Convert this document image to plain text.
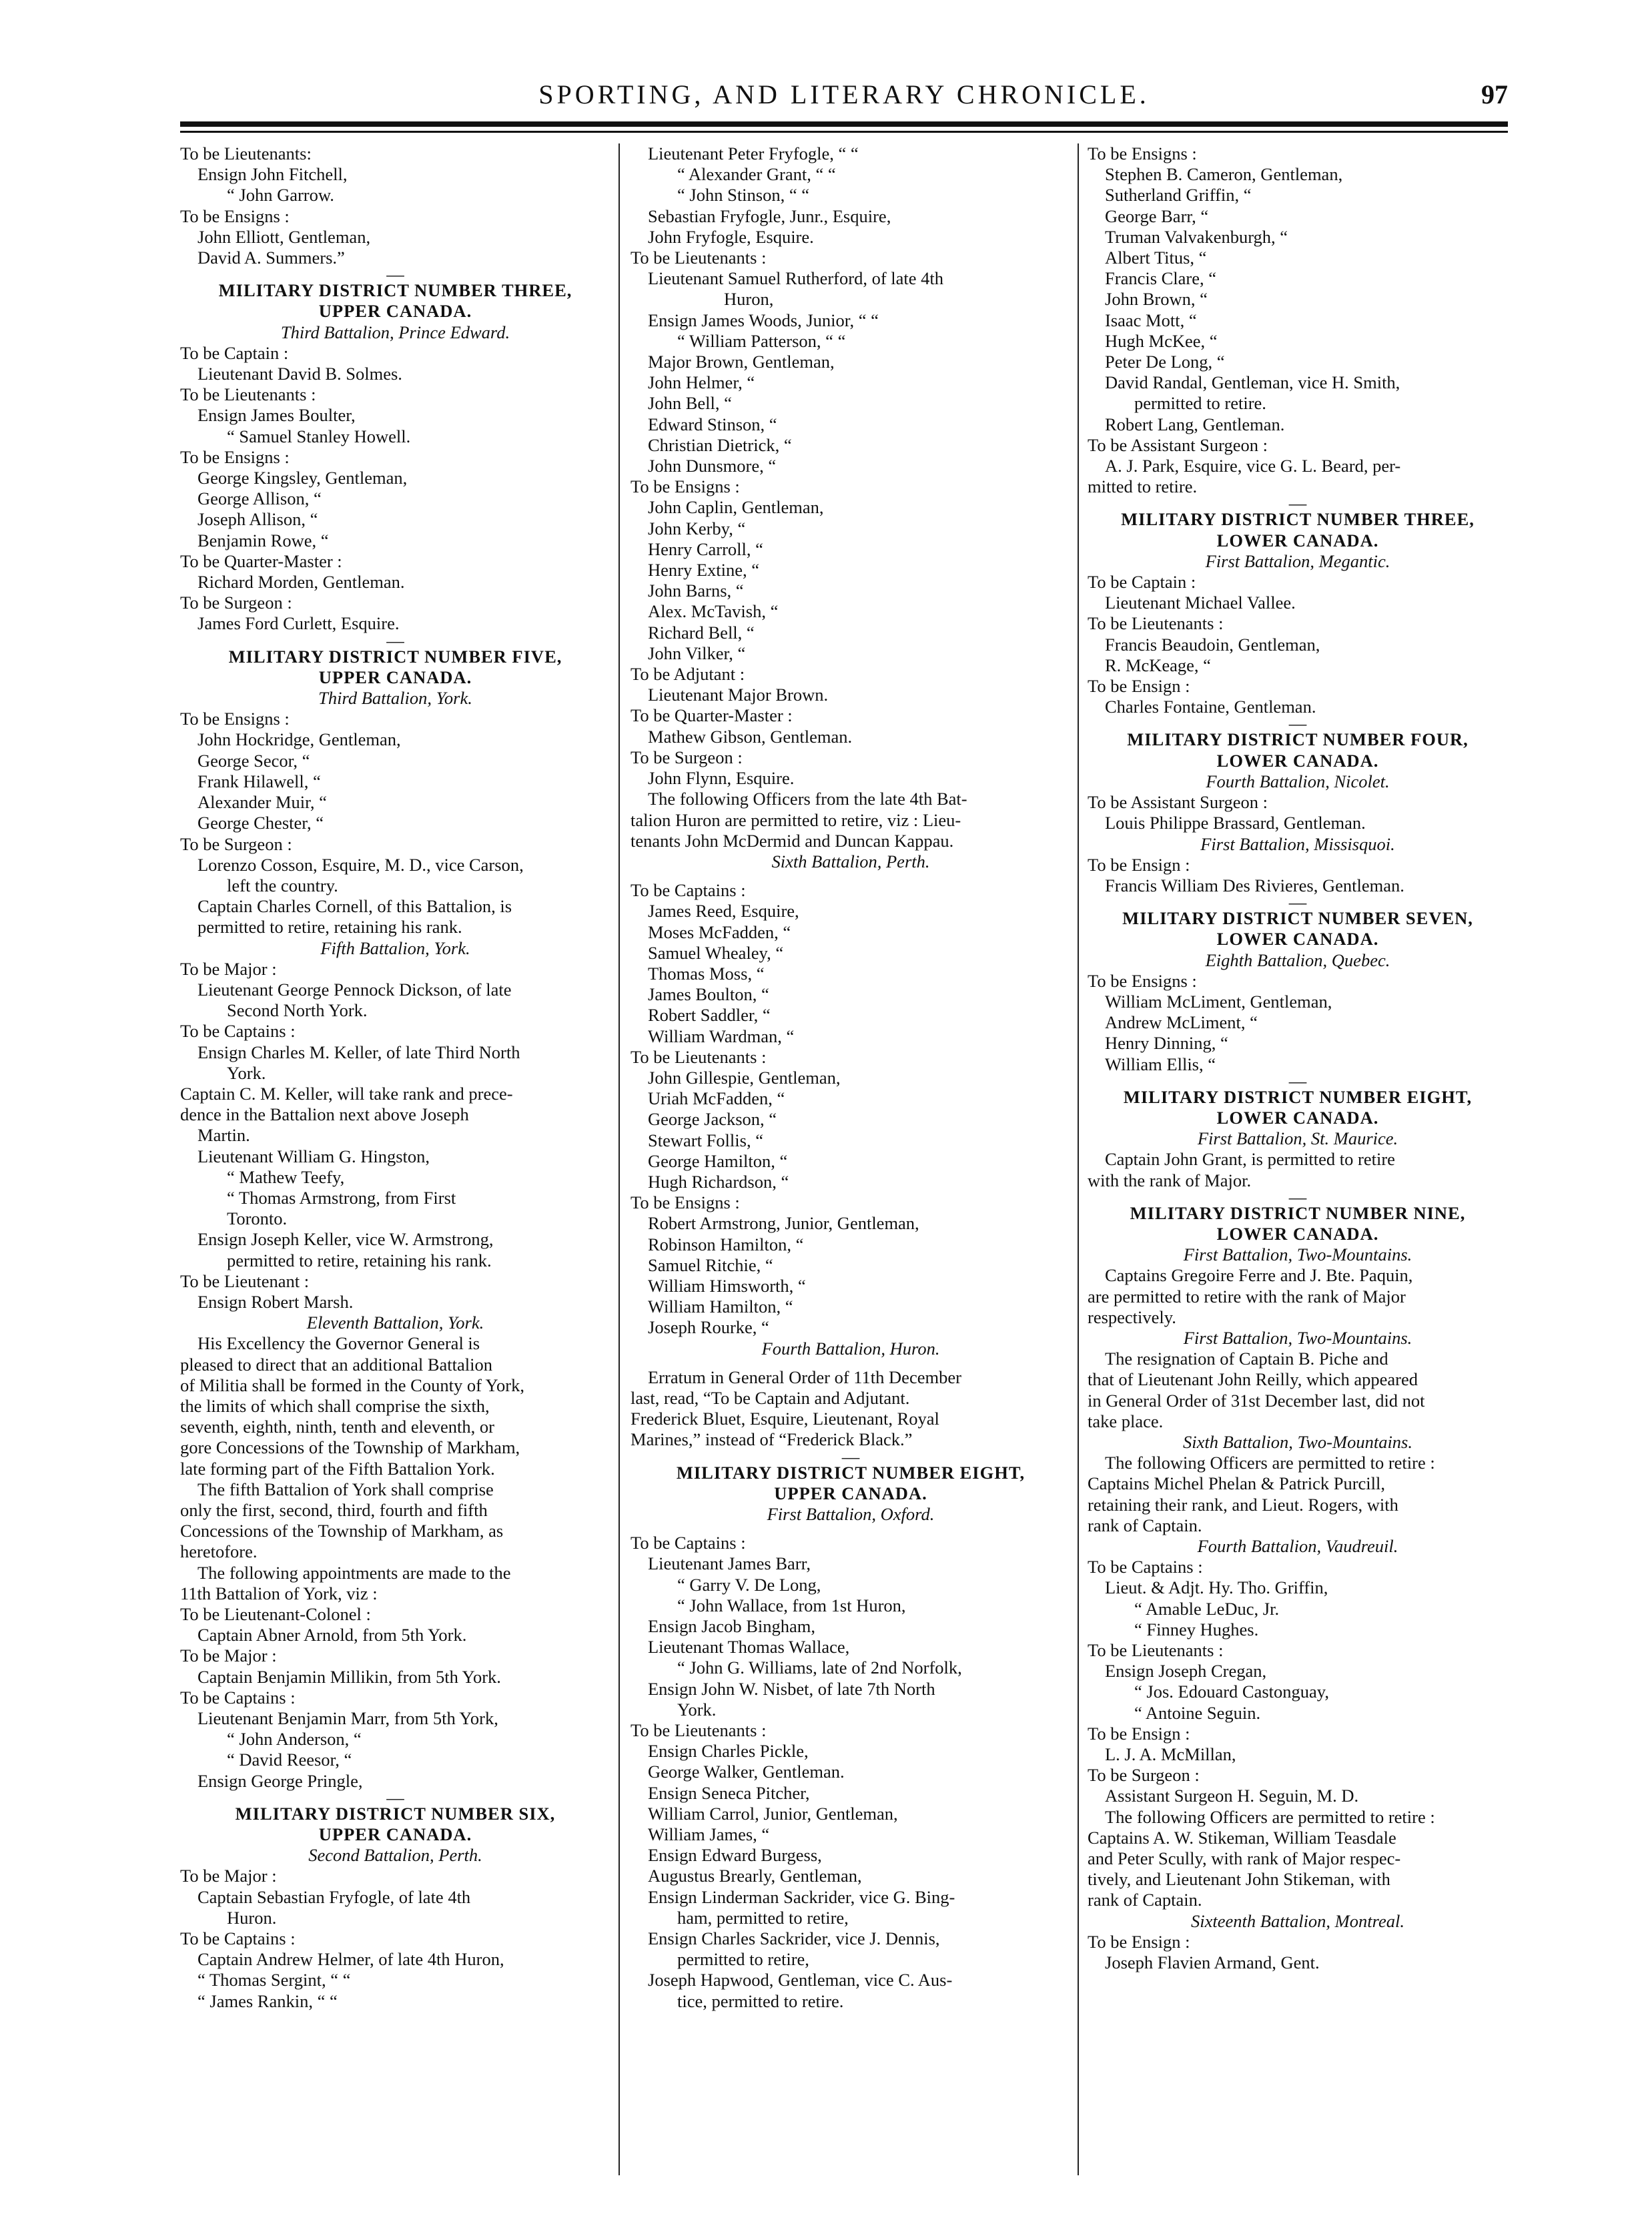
SPORTING, AND LITERARY CHRONICLE.	97
To be Lieutenants:
Ensign John Fitchell,
“ John Garrow.
To be Ensigns :
John Elliott, Gentleman,
David A. Summers.”
—
MILITARY DISTRICT NUMBER THREE,
UPPER CANADA.
Third Battalion, Prince Edward.
To be Captain :
Lieutenant David B. Solmes.
To be Lieutenants :
Ensign James Boulter,
“ Samuel Stanley Howell.
To be Ensigns :
George Kingsley, Gentleman,
George Allison, “
Joseph Allison, “
Benjamin Rowe, “
To be Quarter-Master :
Richard Morden, Gentleman.
To be Surgeon :
James Ford Curlett, Esquire.
—
MILITARY DISTRICT NUMBER FIVE,
UPPER CANADA.
Third Battalion, York.
To be Ensigns :
John Hockridge, Gentleman,
George Secor, “
Frank Hilawell, “
Alexander Muir, “
George Chester, “
To be Surgeon :
Lorenzo Cosson, Esquire, M. D., vice Carson,
left the country.
Captain Charles Cornell, of this Battalion, is
permitted to retire, retaining his rank.
Fifth Battalion, York.
To be Major :
Lieutenant George Pennock Dickson, of late
Second North York.
To be Captains :
Ensign Charles M. Keller, of late Third North
York.
Captain C. M. Keller, will take rank and prece-
dence in the Battalion next above Joseph
Martin.
Lieutenant William G. Hingston,
“ Mathew Teefy,
“ Thomas Armstrong, from First
Toronto.
Ensign Joseph Keller, vice W. Armstrong,
permitted to retire, retaining his rank.
To be Lieutenant :
Ensign Robert Marsh.
Eleventh Battalion, York.
His Excellency the Governor General is
pleased to direct that an additional Battalion
of Militia shall be formed in the County of York,
the limits of which shall comprise the sixth,
seventh, eighth, ninth, tenth and eleventh, or
gore Concessions of the Township of Markham,
late forming part of the Fifth Battalion York.
The fifth Battalion of York shall comprise
only the first, second, third, fourth and fifth
Concessions of the Township of Markham, as
heretofore.
The following appointments are made to the
11th Battalion of York, viz :
To be Lieutenant-Colonel :
Captain Abner Arnold, from 5th York.
To be Major :
Captain Benjamin Millikin, from 5th York.
To be Captains :
Lieutenant Benjamin Marr, from 5th York,
“ John Anderson, “
“ David Reesor, “
Ensign George Pringle,
—
MILITARY DISTRICT NUMBER SIX,
UPPER CANADA.
Second Battalion, Perth.
To be Major :
Captain Sebastian Fryfogle, of late 4th
Huron.
To be Captains :
Captain Andrew Helmer, of late 4th Huron,
“ Thomas Sergint, “ “
“ James Rankin, “ “
Lieutenant Peter Fryfogle, “ “
“ Alexander Grant, “ “
“ John Stinson, “ “
Sebastian Fryfogle, Junr., Esquire,
John Fryfogle, Esquire.
To be Lieutenants :
Lieutenant Samuel Rutherford, of late 4th
Huron,
Ensign James Woods, Junior, “ “
“ William Patterson, “ “
Major Brown, Gentleman,
John Helmer, “
John Bell, “
Edward Stinson, “
Christian Dietrick, “
John Dunsmore, “
To be Ensigns :
John Caplin, Gentleman,
John Kerby, “
Henry Carroll, “
Henry Extine, “
John Barns, “
Alex. McTavish, “
Richard Bell, “
John Vilker, “
To be Adjutant :
Lieutenant Major Brown.
To be Quarter-Master :
Mathew Gibson, Gentleman.
To be Surgeon :
John Flynn, Esquire.
The following Officers from the late 4th Bat-
talion Huron are permitted to retire, viz : Lieu-
tenants John McDermid and Duncan Kappau.
Sixth Battalion, Perth.
To be Captains :
James Reed, Esquire,
Moses McFadden, “
Samuel Whealey, “
Thomas Moss, “
James Boulton, “
Robert Saddler, “
William Wardman, “
To be Lieutenants :
John Gillespie, Gentleman,
Uriah McFadden, “
George Jackson, “
Stewart Follis, “
George Hamilton, “
Hugh Richardson, “
To be Ensigns :
Robert Armstrong, Junior, Gentleman,
Robinson Hamilton, “
Samuel Ritchie, “
William Himsworth, “
William Hamilton, “
Joseph Rourke, “
Fourth Battalion, Huron.
Erratum in General Order of 11th December
last, read, “To be Captain and Adjutant.
Frederick Bluet, Esquire, Lieutenant, Royal
Marines,” instead of “Frederick Black.”
—
MILITARY DISTRICT NUMBER EIGHT,
UPPER CANADA.
First Battalion, Oxford.
To be Captains :
Lieutenant James Barr,
“ Garry V. De Long,
“ John Wallace, from 1st Huron,
Ensign Jacob Bingham,
Lieutenant Thomas Wallace,
“ John G. Williams, late of 2nd Norfolk,
Ensign John W. Nisbet, of late 7th North
York.
To be Lieutenants :
Ensign Charles Pickle,
George Walker, Gentleman.
Ensign Seneca Pitcher,
William Carrol, Junior, Gentleman,
William James, “
Ensign Edward Burgess,
Augustus Brearly, Gentleman,
Ensign Linderman Sackrider, vice G. Bing-
ham, permitted to retire,
Ensign Charles Sackrider, vice J. Dennis,
permitted to retire,
Joseph Hapwood, Gentleman, vice C. Aus-
tice, permitted to retire.
To be Ensigns :
Stephen B. Cameron, Gentleman,
Sutherland Griffin, “
George Barr, “
Truman Valvakenburgh, “
Albert Titus, “
Francis Clare, “
John Brown, “
Isaac Mott, “
Hugh McKee, “
Peter De Long, “
David Randal, Gentleman, vice H. Smith,
permitted to retire.
Robert Lang, Gentleman.
To be Assistant Surgeon :
A. J. Park, Esquire, vice G. L. Beard, per-
mitted to retire.
—
MILITARY DISTRICT NUMBER THREE,
LOWER CANADA.
First Battalion, Megantic.
To be Captain :
Lieutenant Michael Vallee.
To be Lieutenants :
Francis Beaudoin, Gentleman,
R. McKeage, “
To be Ensign :
Charles Fontaine, Gentleman.
—
MILITARY DISTRICT NUMBER FOUR,
LOWER CANADA.
Fourth Battalion, Nicolet.
To be Assistant Surgeon :
Louis Philippe Brassard, Gentleman.
First Battalion, Missisquoi.
To be Ensign :
Francis William Des Rivieres, Gentleman.
—
MILITARY DISTRICT NUMBER SEVEN,
LOWER CANADA.
Eighth Battalion, Quebec.
To be Ensigns :
William McLiment, Gentleman,
Andrew McLiment, “
Henry Dinning, “
William Ellis, “
—
MILITARY DISTRICT NUMBER EIGHT,
LOWER CANADA.
First Battalion, St. Maurice.
Captain John Grant, is permitted to retire
with the rank of Major.
—
MILITARY DISTRICT NUMBER NINE,
LOWER CANADA.
First Battalion, Two-Mountains.
Captains Gregoire Ferre and J. Bte. Paquin,
are permitted to retire with the rank of Major
respectively.
First Battalion, Two-Mountains.
The resignation of Captain B. Piche and
that of Lieutenant John Reilly, which appeared
in General Order of 31st December last, did not
take place.
Sixth Battalion, Two-Mountains.
The following Officers are permitted to retire :
Captains Michel Phelan & Patrick Purcill,
retaining their rank, and Lieut. Rogers, with
rank of Captain.
Fourth Battalion, Vaudreuil.
To be Captains :
Lieut. & Adjt. Hy. Tho. Griffin,
“ Amable LeDuc, Jr.
“ Finney Hughes.
To be Lieutenants :
Ensign Joseph Cregan,
“ Jos. Edouard Castonguay,
“ Antoine Seguin.
To be Ensign :
L. J. A. McMillan,
To be Surgeon :
Assistant Surgeon H. Seguin, M. D.
The following Officers are permitted to retire :
Captains A. W. Stikeman, William Teasdale
and Peter Scully, with rank of Major respec-
tively, and Lieutenant John Stikeman, with
rank of Captain.
Sixteenth Battalion, Montreal.
To be Ensign :
Joseph Flavien Armand, Gent.
